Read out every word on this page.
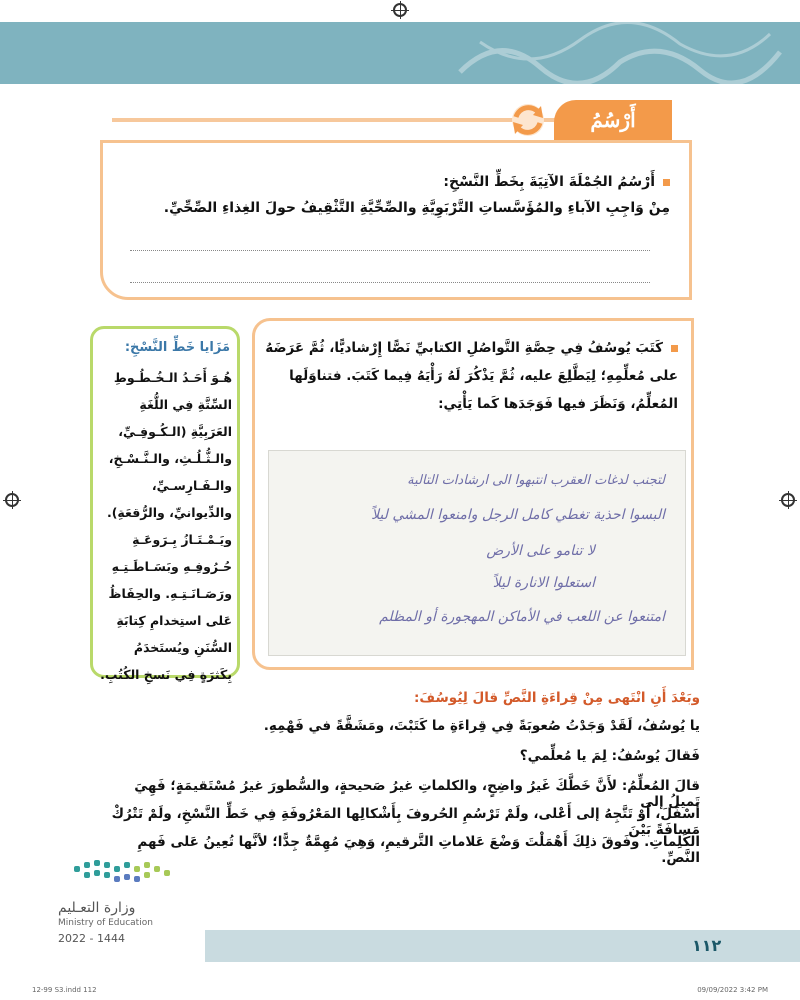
أَرْسُمُ
أَرْسُمُ الجُمْلَةَ الآتِيَةَ بِخَطِّ النَّسْخِ:
مِنْ وَاجِبِ الآباءِ والمُؤَسَّساتِ التَّرْبَوِيَّةِ والصِّحِّيَّةِ التَّثْقِيفُ حولَ الغِذاءِ الصِّحِّيِّ.
كَتَبَ يُوسُفُ فِي حِصَّةِ التَّواصُلِ الكتابيِّ نَصًّا إِرْشاديًّا، ثُمَّ عَرَضَهُ على مُعلِّمِهِ؛ لِيَطَّلِعَ عليه، ثُمَّ يَذْكُرَ لَهُ رَأْيَهُ فِيما كَتَبَ. فتناوَلَها المُعلِّمُ، وَنَظَرَ فيها فَوَجَدَها كَما يَأْتِي:
لتجنب لدغات العقرب انتبهوا الى ارشادات التالية
البسوا احذية تغطي كامل الرجل وامنعوا المشي ليلاً
لا تنامو على الأرض
استعلوا الانارة ليلاً
امتنعوا عن اللعب في الأماكن المهجورة أو المظلم
مَزَايا خَطِّ النَّسْخِ:
هُـوَ أَحَـدُ الـخُـطُـوطِ السِّتَّةِ فِي اللُّغَةِ العَرَبِيَّةِ (الـكُـوفِـيِّ، والـثُّـلُـثِ، والـنَّـسْـخِ، والـفَـارِسـيِّ، والدِّيوانيِّ، والرُّقعَةِ). ويَـمْـتَـازُ بِـرَوعَـةِ حُـرُوفِـهِ وبَسَـاطَـتِـهِ ورَصَـانَـتِـهِ. والحِفَاظُ عَلى استِخدامِ كِتابَةِ السُّنَنِ ويُستَخدَمُ بِكَثرَةٍ فِي نَسخِ الكُتُبِ.
وبَعْدَ أَنِ انْتَهى مِنْ قِراءَةِ النَّصِّ قالَ لِيُوسُفَ:
يا يُوسُفُ، لَقَدْ وَجَدْتُ صُعوبَةً فِي قِراءَةِ ما كَتَبْتَ، ومَشَقَّةً في فَهْمِهِ.
فَقالَ يُوسُفُ: لِمَ يا مُعلِّمي؟
قالَ المُعلِّمُ: لأَنَّ خَطَّكَ غَيرُ واضِحٍ، والكلماتِ غيرُ صَحيحةٍ، والسُّطورَ غيرُ مُسْتَقيمَةٍ؛ فَهِيَ تَميلُ إلى
أَسْفَلَ، أَوْ تَتَّجِهُ إلى أَعْلى، ولَمْ تَرْسُمِ الحُروفَ بِأَشْكالِها المَعْرُوفَةِ فِي خَطِّ النَّسْخِ، ولَمْ تَتْرُكْ مَسافَةً بَيْنَ
الكَلِماتِ. وفَوقَ ذلِكَ أَهْمَلْتَ وَضْعَ عَلاماتِ التَّرقيمِ، وَهِيَ مُهِمَّةٌ جِدًّا؛ لأنَّها تُعِينُ عَلى فَهمِ النَّصِّ.
وزارة التعـليم
Ministry of Education
2022 - 1444	١١٢
12-99 S3.indd 112	09/09/2022 3:42 PM
